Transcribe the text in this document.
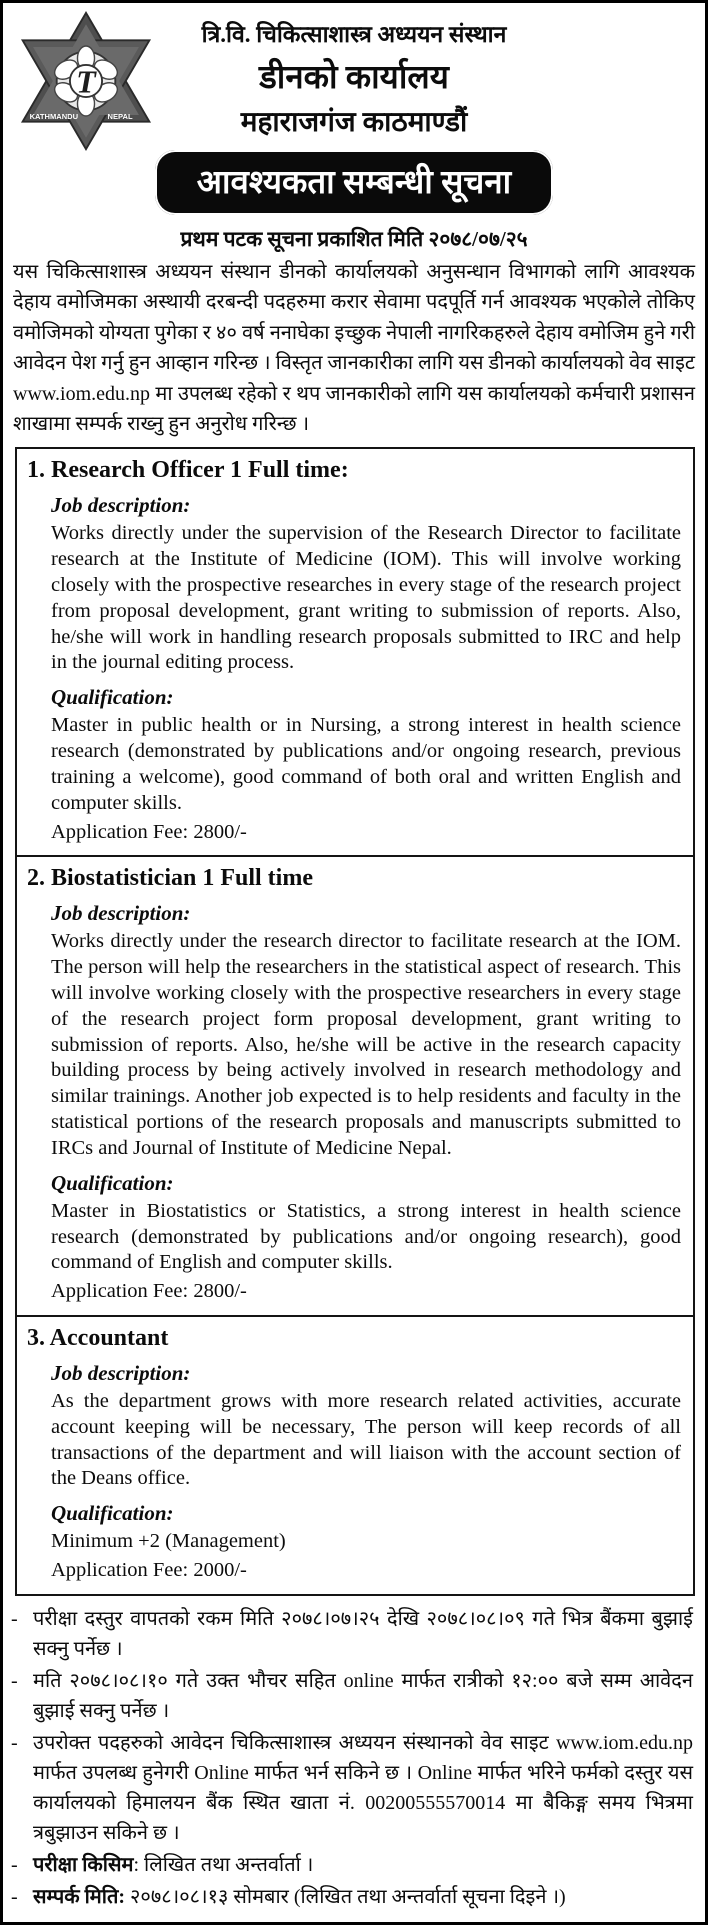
T
KATHMANDU	NEPAL
त्रि.वि. चिकित्साशास्त्र अध्ययन संस्थान
डीनको कार्यालय
महाराजगंज काठमाण्डौं
आवश्यकता सम्बन्धी सूचना
प्रथम पटक सूचना प्रकाशित मिति २०७८/०७/२५

यस चिकित्साशास्त्र अध्ययन संस्थान डीनको कार्यालयको अनुसन्धान विभागको लागि आवश्यक देहाय वमोजिमका अस्थायी दरबन्दी पदहरुमा करार सेवामा पदपूर्ति गर्न आवश्यक भएकोले तोकिए वमोजिमको योग्यता पुगेका र ४० वर्ष ननाघेका इच्छुक नेपाली नागरिकहरुले देहाय वमोजिम हुने गरी आवेदन पेश गर्नु हुन आव्हान गरिन्छ । विस्तृत जानकारीका लागि यस डीनको कार्यालयको वेव साइट www.iom.edu.np मा उपलब्ध रहेको र थप जानकारीको लागि यस कार्यालयको कर्मचारी प्रशासन शाखामा सम्पर्क राख्नु हुन अनुरोध गरिन्छ ।

1. Research Officer 1 Full time:
Job description:

Works directly under the supervision of the Research Director to facilitate research at the Institute of Medicine (IOM). This will involve working closely with the prospective researches in every stage of the research project from proposal development, grant writing to submission of reports. Also, he/she will work in handling research proposals submitted to IRC and help in the journal editing process.

Qualification:

Master in public health or in Nursing, a strong interest in health science research (demonstrated by publications and/or ongoing research, previous training a welcome), good command of both oral and written English and computer skills.

Application Fee: 2800/-

2. Biostatistician 1 Full time
Job description:

Works directly under the research director to facilitate research at the IOM. The person will help the researchers in the statistical aspect of research. This will involve working closely with the prospective researchers in every stage of the research project form proposal development, grant writing to submission of reports. Also, he/she will be active in the research capacity building process by being actively involved in research methodology and similar trainings. Another job expected is to help residents and faculty in the statistical portions of the research proposals and manuscripts submitted to IRCs and Journal of Institute of Medicine Nepal.

Qualification:

Master in Biostatistics or Statistics, a strong interest in health science research (demonstrated by publications and/or ongoing research), good command of English and computer skills.

Application Fee: 2800/-

3. Accountant
Job description:

As the department grows with more research related activities, accurate account keeping will be necessary, The person will keep records of all transactions of the department and will liaison with the account section of the Deans office.

Qualification:

Minimum +2 (Management)

Application Fee: 2000/-

- परीक्षा दस्तुर वापतको रकम मिति २०७८।०७।२५ देखि २०७८।०८।०९ गते भित्र बैंकमा बुझाई सक्नु पर्नेछ ।
- मति २०७८।०८।१० गते उक्त भौचर सहित online मार्फत रात्रीको १२:०० बजे सम्म आवेदन बुझाई सक्नु पर्नेछ ।
- उपरोक्त पदहरुको आवेदन चिकित्साशास्त्र अध्ययन संस्थानको वेव साइट www.iom.edu.np मार्फत उपलब्ध हुनेगरी Online मार्फत भर्न सकिने छ । Online मार्फत भरिने फर्मको दस्तुर यस कार्यालयको हिमालयन बैंक स्थित खाता नं. 00200555570014 मा बैकिङ्ग समय भित्रमा त्रबुझाउन सकिने छ ।
- परीक्षा किसिम: लिखित तथा अन्तर्वार्ता ।
- सम्पर्क मिति: २०७८।०८।१३ सोमबार (लिखित तथा अन्तर्वार्ता सूचना दिइने ।)
